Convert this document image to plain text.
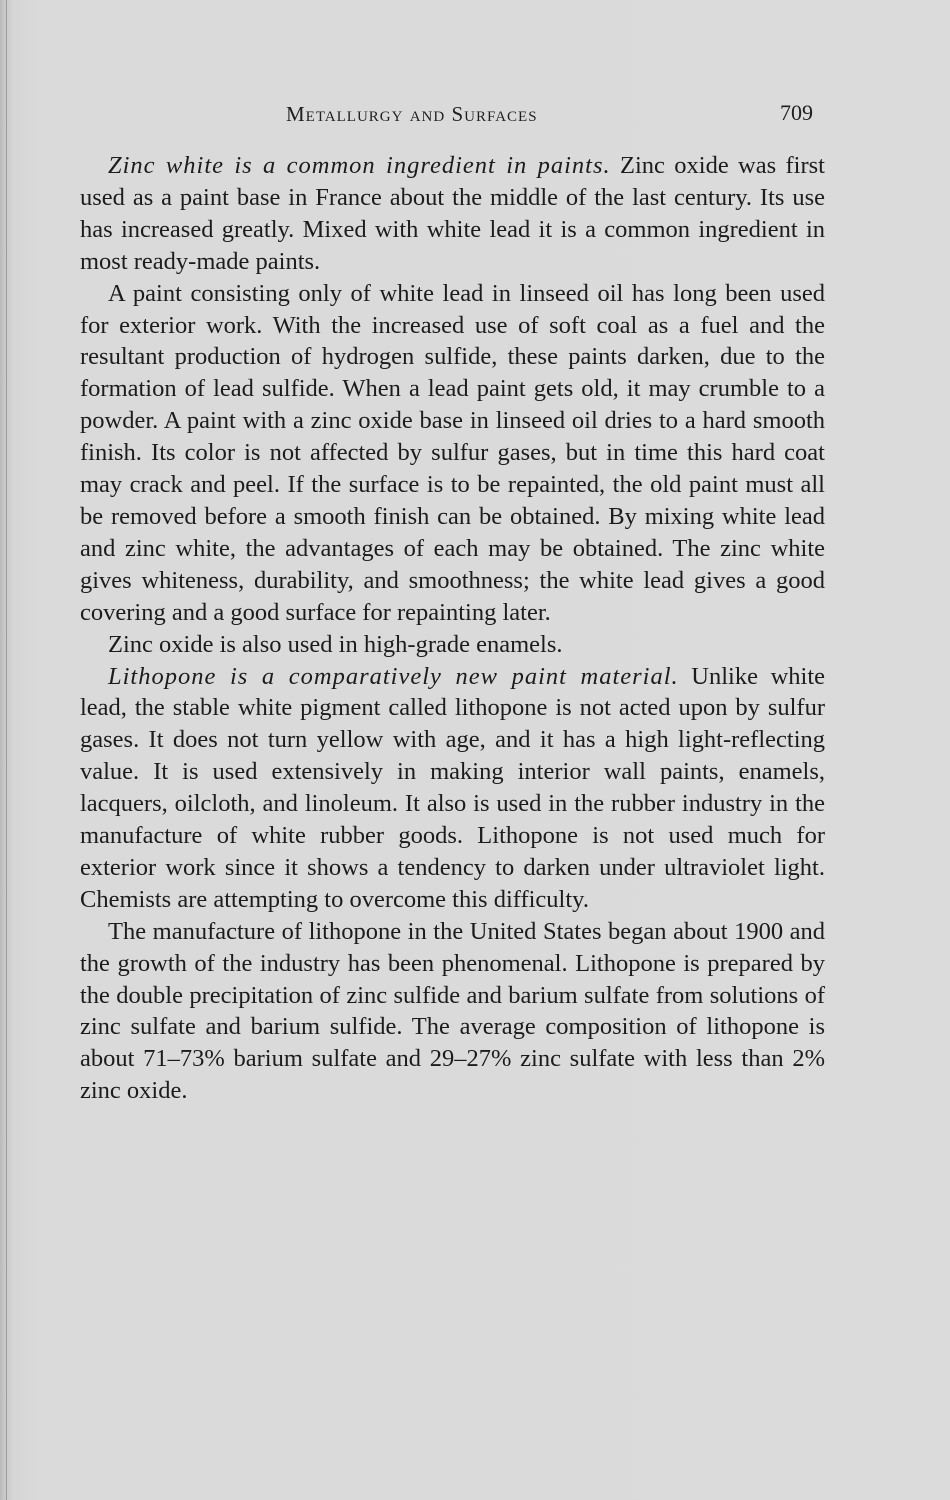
Metallurgy and Surfaces	709

Zinc white is a common ingredient in paints. Zinc oxide was first used as a paint base in France about the middle of the last century. Its use has increased greatly. Mixed with white lead it is a common ingredient in most ready-made paints.

A paint consisting only of white lead in linseed oil has long been used for exterior work. With the increased use of soft coal as a fuel and the resultant production of hydrogen sulfide, these paints darken, due to the formation of lead sulfide. When a lead paint gets old, it may crumble to a powder. A paint with a zinc oxide base in linseed oil dries to a hard smooth finish. Its color is not affected by sulfur gases, but in time this hard coat may crack and peel. If the surface is to be repainted, the old paint must all be removed before a smooth finish can be obtained. By mixing white lead and zinc white, the advantages of each may be obtained. The zinc white gives whiteness, durability, and smoothness; the white lead gives a good covering and a good surface for repainting later.

Zinc oxide is also used in high-grade enamels.

Lithopone is a comparatively new paint material. Unlike white lead, the stable white pigment called lithopone is not acted upon by sulfur gases. It does not turn yellow with age, and it has a high light-reflecting value. It is used extensively in making interior wall paints, enamels, lacquers, oilcloth, and linoleum. It also is used in the rubber industry in the manufacture of white rubber goods. Lithopone is not used much for exterior work since it shows a tendency to darken under ultraviolet light. Chemists are attempting to overcome this difficulty.

The manufacture of lithopone in the United States began about 1900 and the growth of the industry has been phenomenal. Lithopone is prepared by the double precipitation of zinc sulfide and barium sulfate from solutions of zinc sulfate and barium sulfide. The average composition of lithopone is about 71–73% barium sulfate and 29–27% zinc sulfate with less than 2% zinc oxide.
